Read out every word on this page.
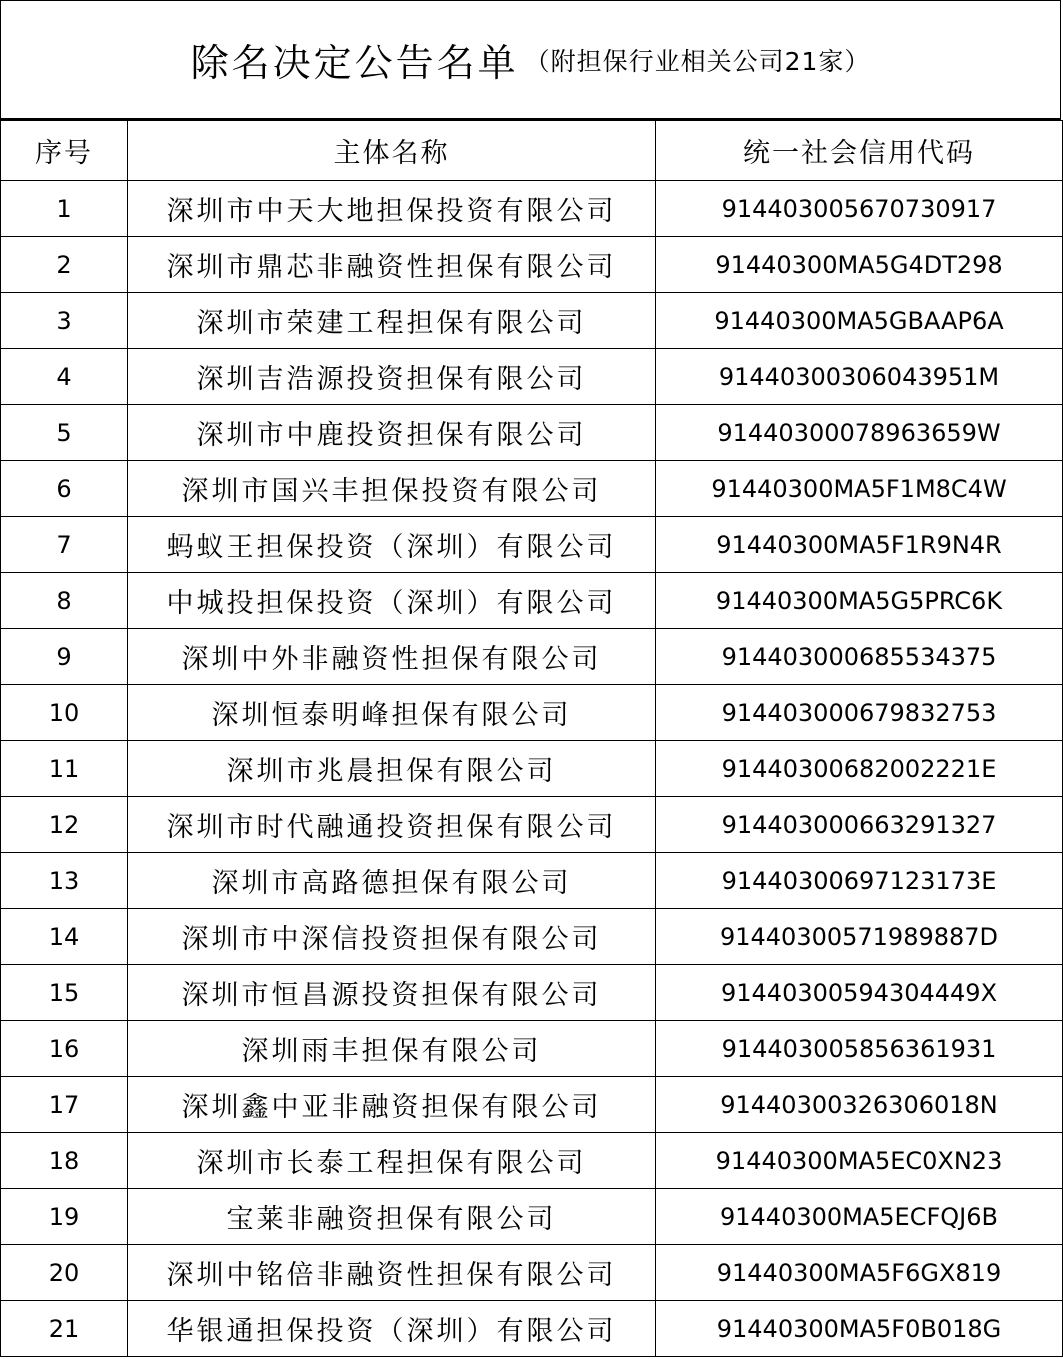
除名决定公告名单 （附担保行业相关公司21家）
序号	主体名称	统一社会信用代码
1	深圳市中天大地担保投资有限公司	914403005670730917
2	深圳市鼎芯非融资性担保有限公司	91440300MA5G4DT298
3	深圳市荣建工程担保有限公司	91440300MA5GBAAP6A
4	深圳吉浩源投资担保有限公司	91440300306043951M
5	深圳市中鹿投资担保有限公司	91440300078963659W
6	深圳市国兴丰担保投资有限公司	91440300MA5F1M8C4W
7	蚂蚁王担保投资（深圳）有限公司	91440300MA5F1R9N4R
8	中城投担保投资（深圳）有限公司	91440300MA5G5PRC6K
9	深圳中外非融资性担保有限公司	914403000685534375
10	深圳恒泰明峰担保有限公司	914403000679832753
11	深圳市兆晨担保有限公司	91440300682002221E
12	深圳市时代融通投资担保有限公司	914403000663291327
13	深圳市高路德担保有限公司	91440300697123173E
14	深圳市中深信投资担保有限公司	91440300571989887D
15	深圳市恒昌源投资担保有限公司	91440300594304449X
16	深圳雨丰担保有限公司	914403005856361931
17	深圳鑫中亚非融资担保有限公司	91440300326306018N
18	深圳市长泰工程担保有限公司	91440300MA5EC0XN23
19	宝莱非融资担保有限公司	91440300MA5ECFQJ6B
20	深圳中铭倍非融资性担保有限公司	91440300MA5F6GX819
21	华银通担保投资（深圳）有限公司	91440300MA5F0B018G
